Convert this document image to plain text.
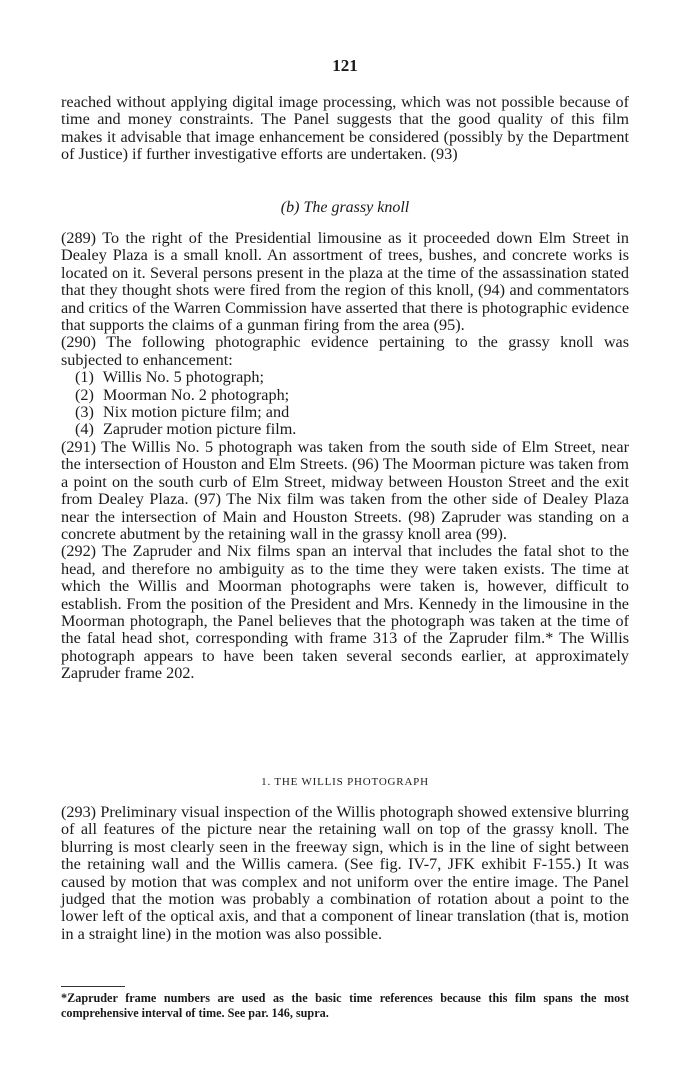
121

reached without applying digital image processing, which was not possible because of time and money constraints. The Panel suggests that the good quality of this film makes it advisable that image enhancement be considered (possibly by the Department of Justice) if further investigative efforts are undertaken. (93)

(b) The grassy knoll

(289) To the right of the Presidential limousine as it proceeded down Elm Street in Dealey Plaza is a small knoll. An assortment of trees, bushes, and concrete works is located on it. Several persons present in the plaza at the time of the assassination stated that they thought shots were fired from the region of this knoll, (94) and commentators and critics of the Warren Commission have asserted that there is photographic evidence that supports the claims of a gunman firing from the area (95).

(290) The following photographic evidence pertaining to the grassy knoll was subjected to enhancement:

(1) Willis No. 5 photograph;
(2) Moorman No. 2 photograph;
(3) Nix motion picture film; and
(4) Zapruder motion picture film.

(291) The Willis No. 5 photograph was taken from the south side of Elm Street, near the intersection of Houston and Elm Streets. (96) The Moorman picture was taken from a point on the south curb of Elm Street, midway between Houston Street and the exit from Dealey Plaza. (97) The Nix film was taken from the other side of Dealey Plaza near the intersection of Main and Houston Streets. (98) Zapruder was standing on a concrete abutment by the retaining wall in the grassy knoll area (99).

(292) The Zapruder and Nix films span an interval that includes the fatal shot to the head, and therefore no ambiguity as to the time they were taken exists. The time at which the Willis and Moorman photographs were taken is, however, difficult to establish. From the position of the President and Mrs. Kennedy in the limousine in the Moorman photograph, the Panel believes that the photograph was taken at the time of the fatal head shot, corresponding with frame 313 of the Zapruder film.* The Willis photograph appears to have been taken several seconds earlier, at approximately Zapruder frame 202.

1. THE WILLIS PHOTOGRAPH

(293) Preliminary visual inspection of the Willis photograph showed extensive blurring of all features of the picture near the retaining wall on top of the grassy knoll. The blurring is most clearly seen in the freeway sign, which is in the line of sight between the retaining wall and the Willis camera. (See fig. IV-7, JFK exhibit F-155.) It was caused by motion that was complex and not uniform over the entire image. The Panel judged that the motion was probably a combination of rotation about a point to the lower left of the optical axis, and that a component of linear translation (that is, motion in a straight line) in the motion was also possible.

*Zapruder frame numbers are used as the basic time references because this film spans the most comprehensive interval of time. See par. 146, supra.
